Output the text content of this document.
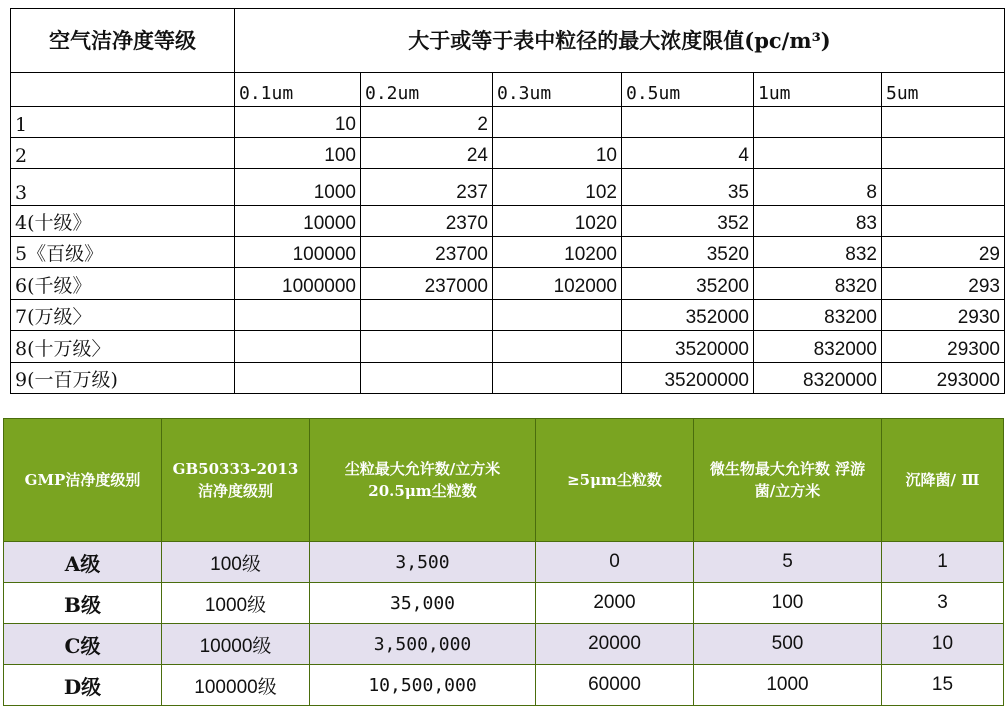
空气洁净度等级	大于或等于表中粒径的最大浓度限值(pc/m³)					
	0.1um	0.2um	0.3um	0.5um	1um	5um
1	10	2				
2	100	24	10	4		
3	1000	237	102	35	8	
4(十级》	10000	2370	1020	352	83	
5《百级》	100000	23700	10200	3520	832	29
6(千级》	1000000	237000	102000	35200	8320	293
7(万级〉				352000	83200	2930
8(十万级〉				3520000	832000	29300
9(一百万级)				35200000	8320000	293000
GMP洁净度级别	GB50333-2013洁净度级别	尘粒最大允许数/立方米 20.5μm尘粒数	≥5μm尘粒数	微生物最大允许数 浮游菌/立方米	沉降菌/ Ⅲ
A级	100级	3,500	0	5	1
B级	1000级	35,000	2000	100	3
C级	10000级	3,500,000	20000	500	10
D级	100000级	10,500,000	60000	1000	15
